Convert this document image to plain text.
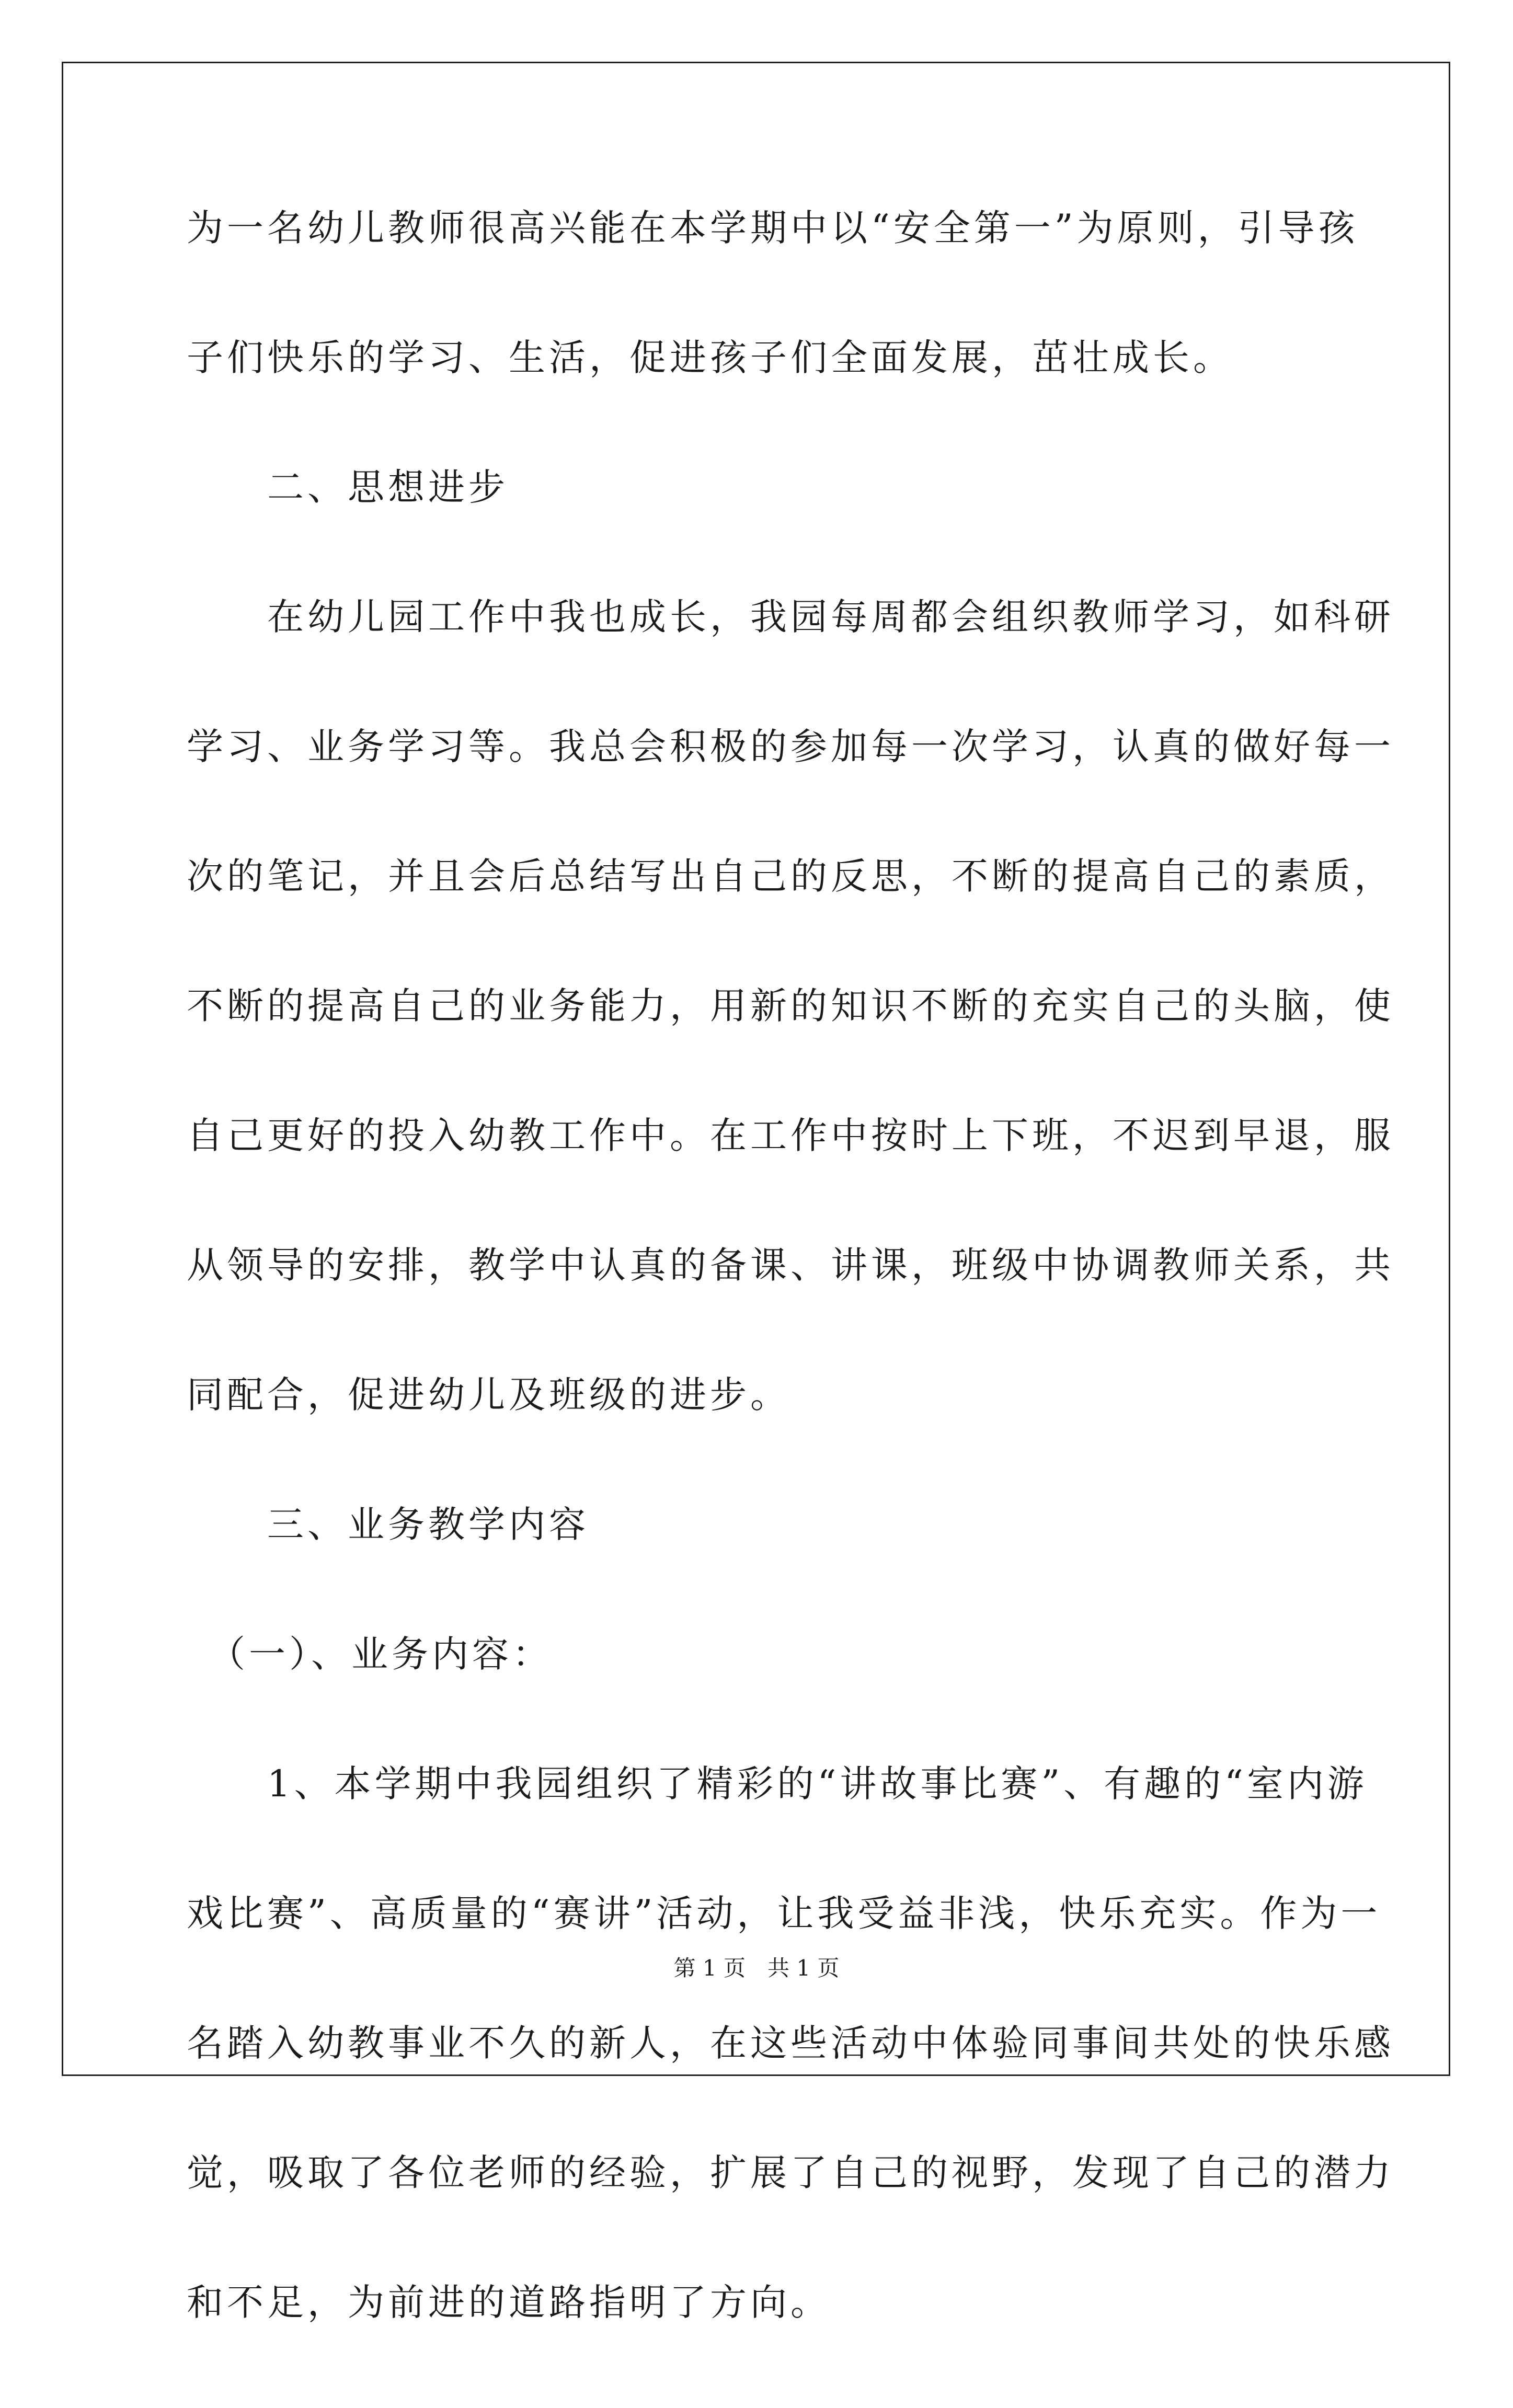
为一名幼儿教师很高兴能在本学期中以“安全第一”为原则，引导孩
子们快乐的学习、生活，促进孩子们全面发展，茁壮成长。
　　二、思想进步
　　在幼儿园工作中我也成长，我园每周都会组织教师学习，如科研
学习、业务学习等。我总会积极的参加每一次学习，认真的做好每一
次的笔记，并且会后总结写出自己的反思，不断的提高自己的素质，
不断的提高自己的业务能力，用新的知识不断的充实自己的头脑，使
自己更好的投入幼教工作中。在工作中按时上下班，不迟到早退，服
从领导的安排，教学中认真的备课、讲课，班级中协调教师关系，共
同配合，促进幼儿及班级的进步。
　　三、业务教学内容
　（一）、业务内容：
　　1、本学期中我园组织了精彩的“讲故事比赛”、有趣的“室内游
戏比赛”、高质量的“赛讲”活动，让我受益非浅，快乐充实。作为一
名踏入幼教事业不久的新人，在这些活动中体验同事间共处的快乐感
觉，吸取了各位老师的经验，扩展了自己的视野，发现了自己的潜力
和不足，为前进的道路指明了方向。
第 1 页　共 1 页
